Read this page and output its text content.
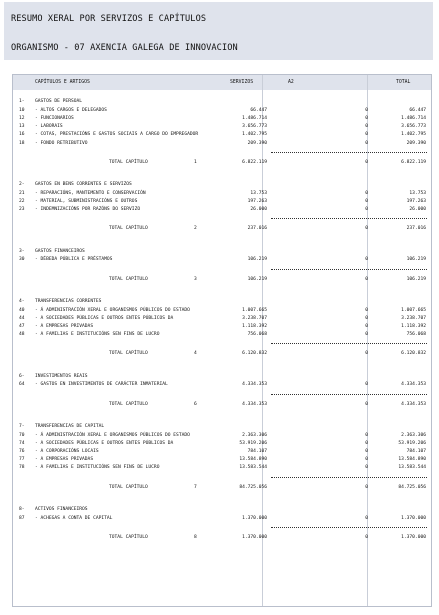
RESUMO XERAL POR SERVIZOS E CAPÍTULOS
ORGANISMO - 07 AXENCIA GALEGA DE INNOVACION
CAPÍTULOS E ARTIGOS	SERVIZOS	A2	TOTAL
1- GASTOS DE PERSOAL
10 - ALTOS CARGOS E DELEGADOS	66.447	0	66.447
12 - FUNCIONARIOS	1.486.714	0	1.486.714
13 - LABORAIS	3.656.773	0	3.656.773
16 - COTAS, PRESTACIÓNS E GASTOS SOCIAIS A CARGO DO EMPREGADOR	1.402.795	0	1.402.795
18 - FONDO RETRIBUTIVO	209.390	0	209.390
TOTAL CAPÍTULO	1	6.822.119	0	6.822.119
2- GASTOS EN BENS CORRENTES E SERVIZOS
21 - REPARACIÓNS, MANTEMENTO E CONSERVACIÓN	13.753	0	13.753
22 - MATERIAL, SUBMINISTRACIÓNS E OUTROS	197.263	0	197.263
23 - INDEMNIZACIÓNS POR RAZÓNS DO SERVIZO	26.000	0	26.000
TOTAL CAPÍTULO	2	237.016	0	237.016
3- GASTOS FINANCEIROS
30 - DÉBEDA PÚBLICA E PRÉSTAMOS	106.219	0	106.219
TOTAL CAPÍTULO	3	106.219	0	106.219
4- TRANSFERENCIAS CORRENTES
40 - Á ADMINISTRACIÓN XERAL E ORGANISMOS PÚBLICOS DO ESTADO	1.007.665	0	1.007.665
44 - A SOCIEDADES PÚBLICAS E OUTROS ENTES PÚBLICOS DA	3.238.707	0	3.238.707
47 - A EMPRESAS PRIVADAS	1.118.392	0	1.118.392
48 - A FAMILIAS E INSTITUCIÓNS SEN FINS DE LUCRO	756.068	0	756.068
TOTAL CAPÍTULO	4	6.120.832	0	6.120.832
6- INVESTIMENTOS REAIS
64 - GASTOS EN INVESTIMENTOS DE CARÁCTER INMATERIAL	4.334.353	0	4.334.353
TOTAL CAPÍTULO	6	4.334.353	0	4.334.353
7- TRANSFERENCIAS DE CAPITAL
70 - Á ADMINISTRACIÓN XERAL E ORGANISMOS PÚBLICOS DO ESTADO	2.363.306	0	2.363.306
74 - A SOCIEDADES PÚBLICAS E OUTROS ENTES PÚBLICOS DA	53.919.206	0	53.919.206
76 - A CORPORACIÓNS LOCAIS	784.107	0	784.107
77 - A EMPRESAS PRIVADAS	13.584.890	0	13.584.890
78 - A FAMILIAS E INSTITUCIÓNS SEN FINS DE LUCRO	13.583.544	0	13.583.544
TOTAL CAPÍTULO	7	84.725.056	0	84.725.056
8- ACTIVOS FINANCEIROS
87 - ACHEGAS A CONTA DE CAPITAL	1.370.000	0	1.370.000
TOTAL CAPÍTULO	8	1.370.000	0	1.370.000
